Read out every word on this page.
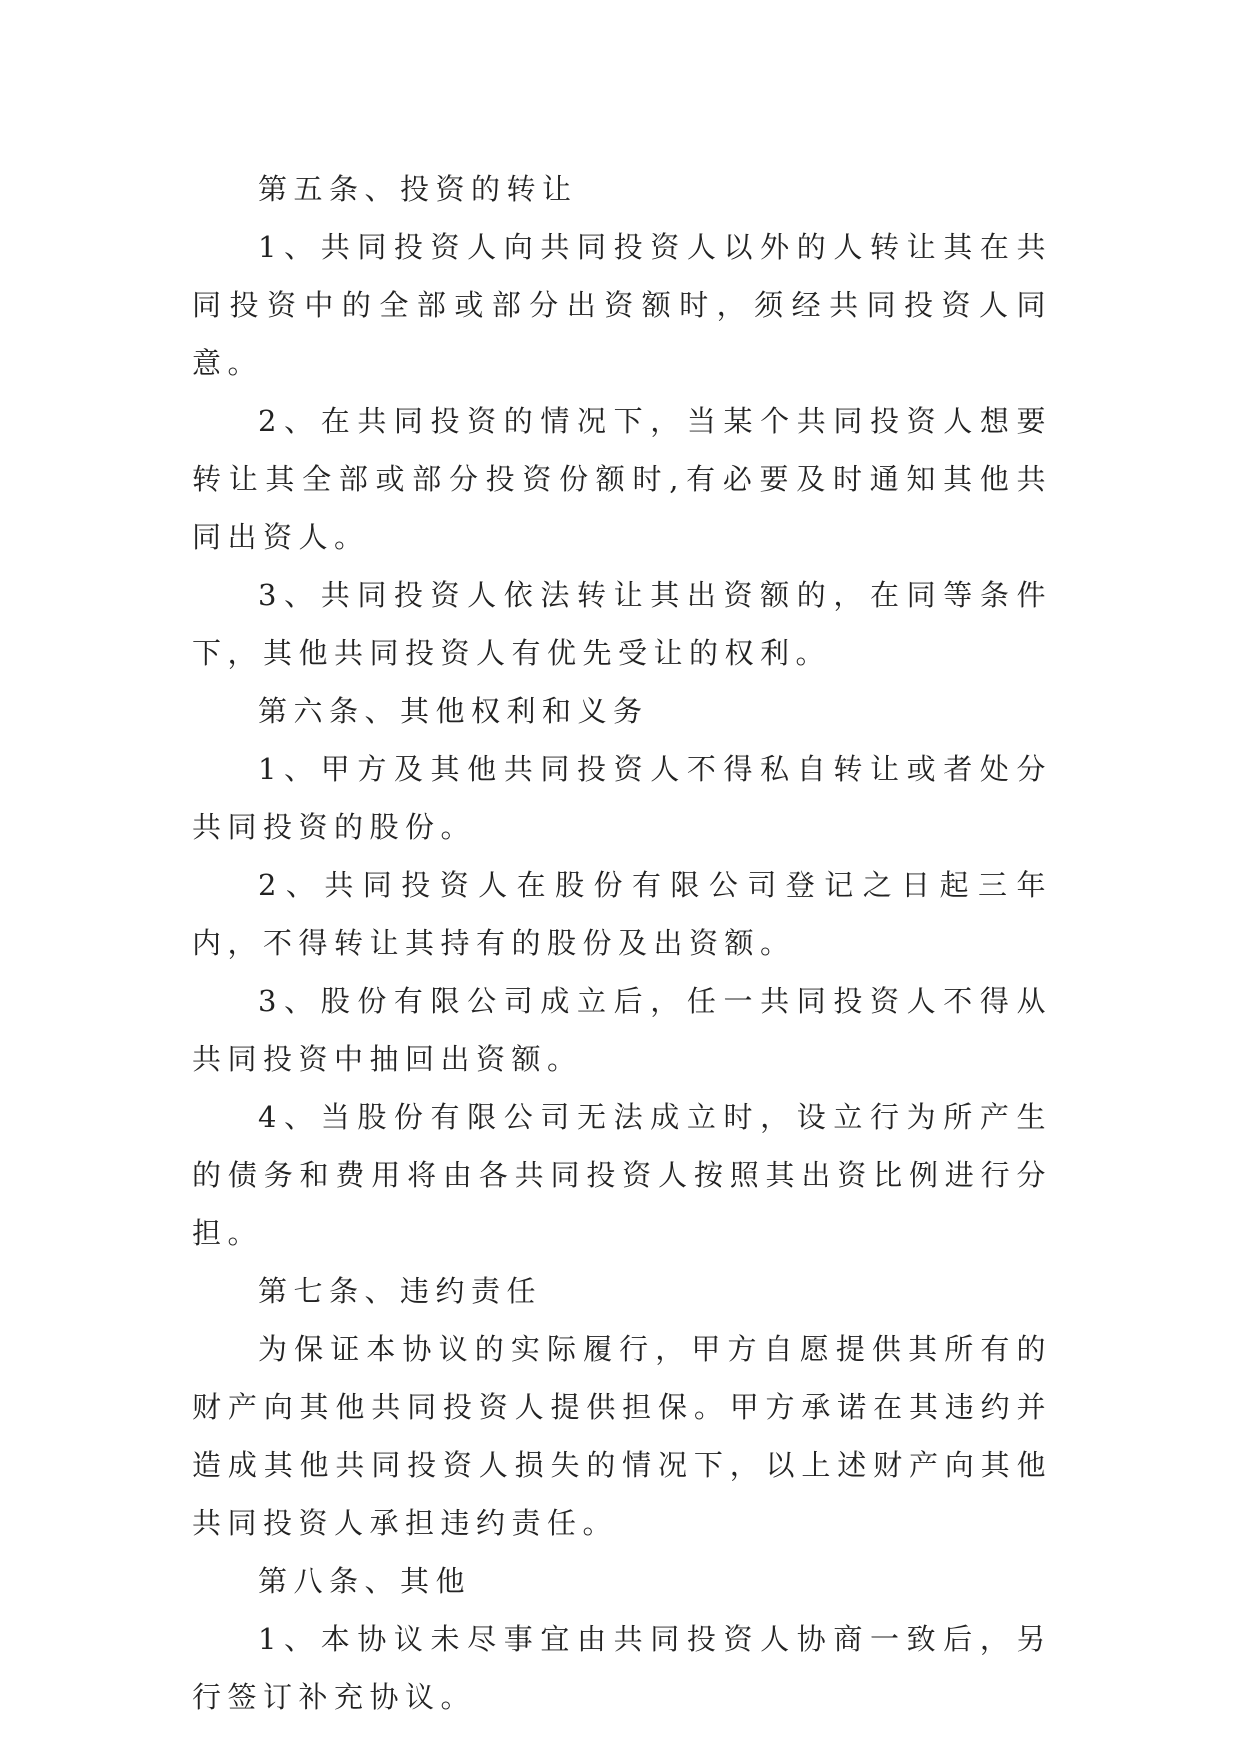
第五条、投资的转让

1、共同投资人向共同投资人以外的人转让其在共同投资中的全部或部分出资额时，须经共同投资人同意。

2、在共同投资的情况下，当某个共同投资人想要转让其全部或部分投资份额时,有必要及时通知其他共同出资人。

3、共同投资人依法转让其出资额的，在同等条件下，其他共同投资人有优先受让的权利。

第六条、其他权利和义务

1、甲方及其他共同投资人不得私自转让或者处分共同投资的股份。

2、共同投资人在股份有限公司登记之日起三年内，不得转让其持有的股份及出资额。

3、股份有限公司成立后，任一共同投资人不得从共同投资中抽回出资额。

4、当股份有限公司无法成立时，设立行为所产生的债务和费用将由各共同投资人按照其出资比例进行分担。

第七条、违约责任

为保证本协议的实际履行，甲方自愿提供其所有的财产向其他共同投资人提供担保。甲方承诺在其违约并造成其他共同投资人损失的情况下，以上述财产向其他共同投资人承担违约责任。

第八条、其他

1、本协议未尽事宜由共同投资人协商一致后，另行签订补充协议。
